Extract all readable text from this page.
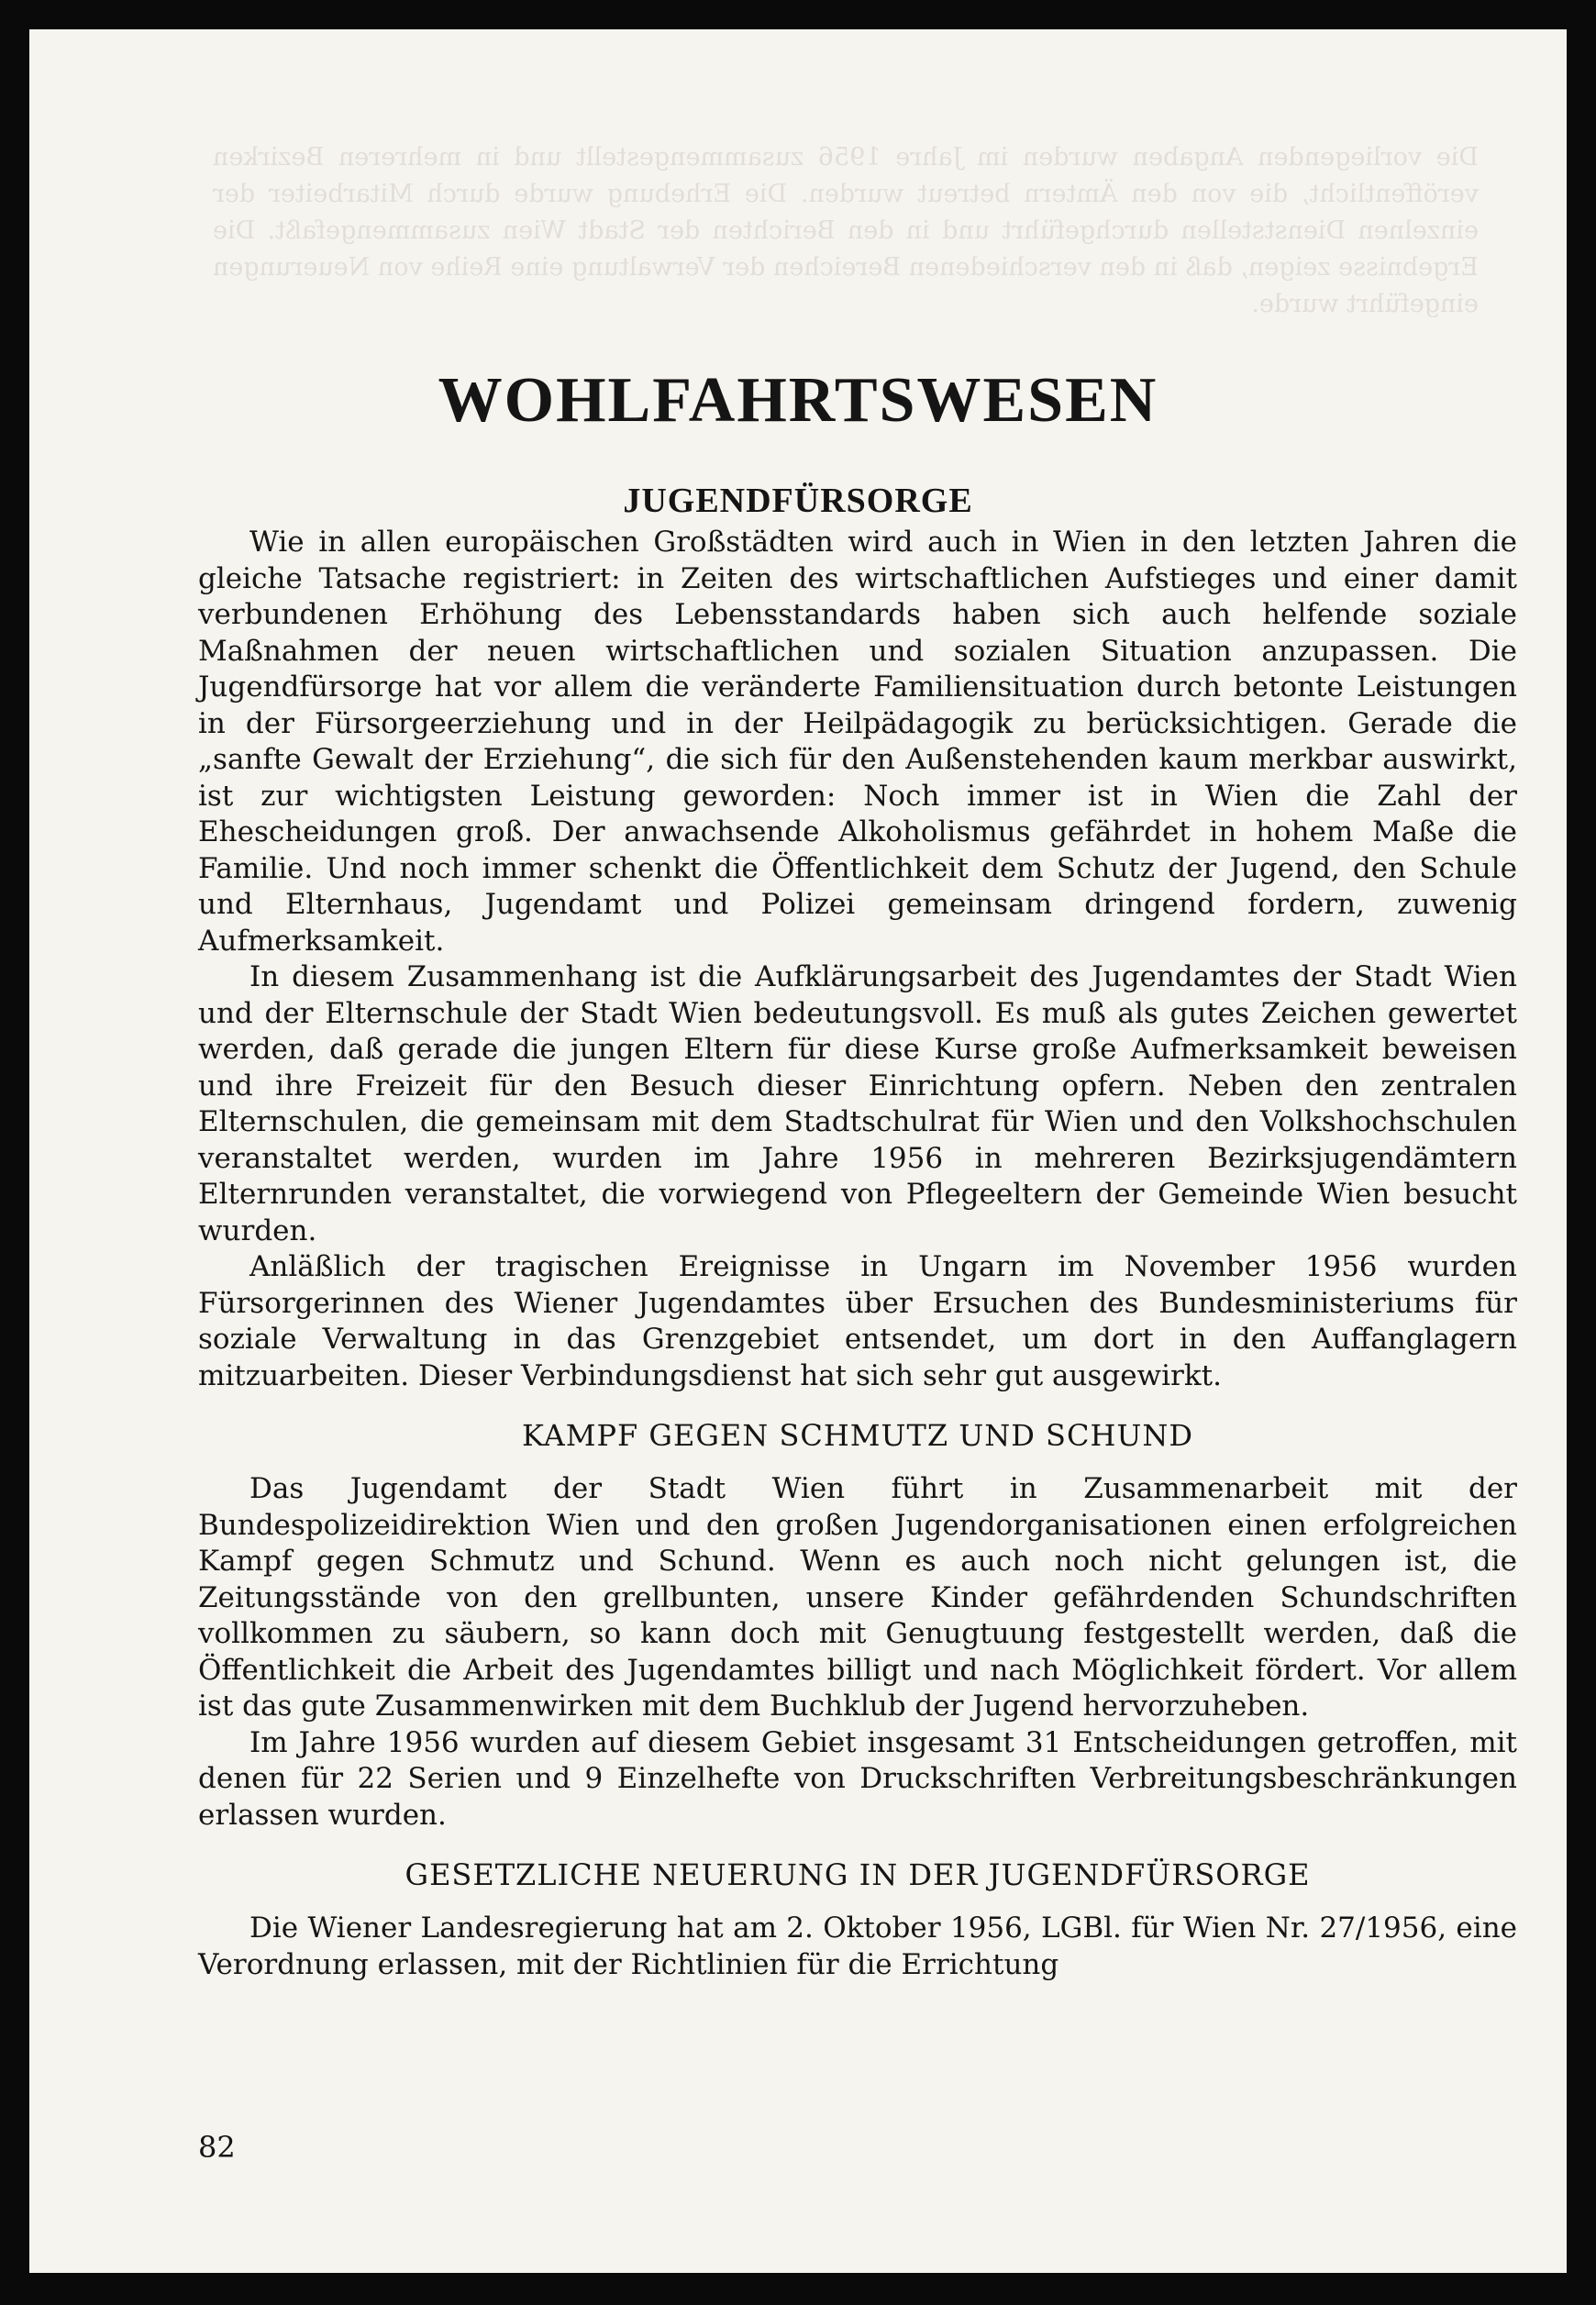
Die vorliegenden Angaben wurden im Jahre 1956 zusammengestellt und in mehreren Bezirken veröffentlicht, die von den Ämtern betreut wurden. Die Erhebung wurde durch Mitarbeiter der einzelnen Dienststellen durchgeführt und in den Berichten der Stadt Wien zusammengefaßt. Die Ergebnisse zeigen, daß in den verschiedenen Bereichen der Verwaltung eine Reihe von Neuerungen eingeführt wurde.
WOHLFAHRTSWESEN
JUGENDFÜRSORGE

Wie in allen europäischen Großstädten wird auch in Wien in den letzten Jahren die gleiche Tatsache registriert: in Zeiten des wirtschaftlichen Aufstieges und einer damit verbundenen Erhöhung des Lebensstandards haben sich auch helfende soziale Maßnahmen der neuen wirtschaftlichen und sozialen Situation anzupassen. Die Jugendfürsorge hat vor allem die veränderte Familiensituation durch betonte Leistungen in der Fürsorgeerziehung und in der Heilpädagogik zu berücksichtigen. Gerade die „sanfte Gewalt der Erziehung“, die sich für den Außenstehenden kaum merkbar auswirkt, ist zur wichtigsten Leistung geworden: Noch immer ist in Wien die Zahl der Ehescheidungen groß. Der anwachsende Alkoholismus gefährdet in hohem Maße die Familie. Und noch immer schenkt die Öffentlichkeit dem Schutz der Jugend, den Schule und Elternhaus, Jugendamt und Polizei gemeinsam dringend fordern, zuwenig Aufmerksamkeit.

In diesem Zusammenhang ist die Aufklärungsarbeit des Jugendamtes der Stadt Wien und der Elternschule der Stadt Wien bedeutungsvoll. Es muß als gutes Zeichen gewertet werden, daß gerade die jungen Eltern für diese Kurse große Aufmerksamkeit beweisen und ihre Freizeit für den Besuch dieser Einrichtung opfern. Neben den zentralen Elternschulen, die gemeinsam mit dem Stadtschulrat für Wien und den Volkshochschulen veranstaltet werden, wurden im Jahre 1956 in mehreren Bezirksjugendämtern Elternrunden veranstaltet, die vorwiegend von Pflegeeltern der Gemeinde Wien besucht wurden.

Anläßlich der tragischen Ereignisse in Ungarn im November 1956 wurden Fürsorgerinnen des Wiener Jugendamtes über Ersuchen des Bundesministeriums für soziale Verwaltung in das Grenzgebiet entsendet, um dort in den Auffanglagern mitzuarbeiten. Dieser Verbindungsdienst hat sich sehr gut ausgewirkt.

KAMPF GEGEN SCHMUTZ UND SCHUND

Das Jugendamt der Stadt Wien führt in Zusammenarbeit mit der Bundespolizeidirektion Wien und den großen Jugendorganisationen einen erfolgreichen Kampf gegen Schmutz und Schund. Wenn es auch noch nicht gelungen ist, die Zeitungsstände von den grellbunten, unsere Kinder gefährdenden Schundschriften vollkommen zu säubern, so kann doch mit Genugtuung festgestellt werden, daß die Öffentlichkeit die Arbeit des Jugendamtes billigt und nach Möglichkeit fördert. Vor allem ist das gute Zusammenwirken mit dem Buchklub der Jugend hervorzuheben.

Im Jahre 1956 wurden auf diesem Gebiet insgesamt 31 Entscheidungen getroffen, mit denen für 22 Serien und 9 Einzelhefte von Druckschriften Verbreitungsbeschränkungen erlassen wurden.

GESETZLICHE NEUERUNG IN DER JUGENDFÜRSORGE

Die Wiener Landesregierung hat am 2. Oktober 1956, LGBl. für Wien Nr. 27/1956, eine Verordnung erlassen, mit der Richtlinien für die Errichtung

82
